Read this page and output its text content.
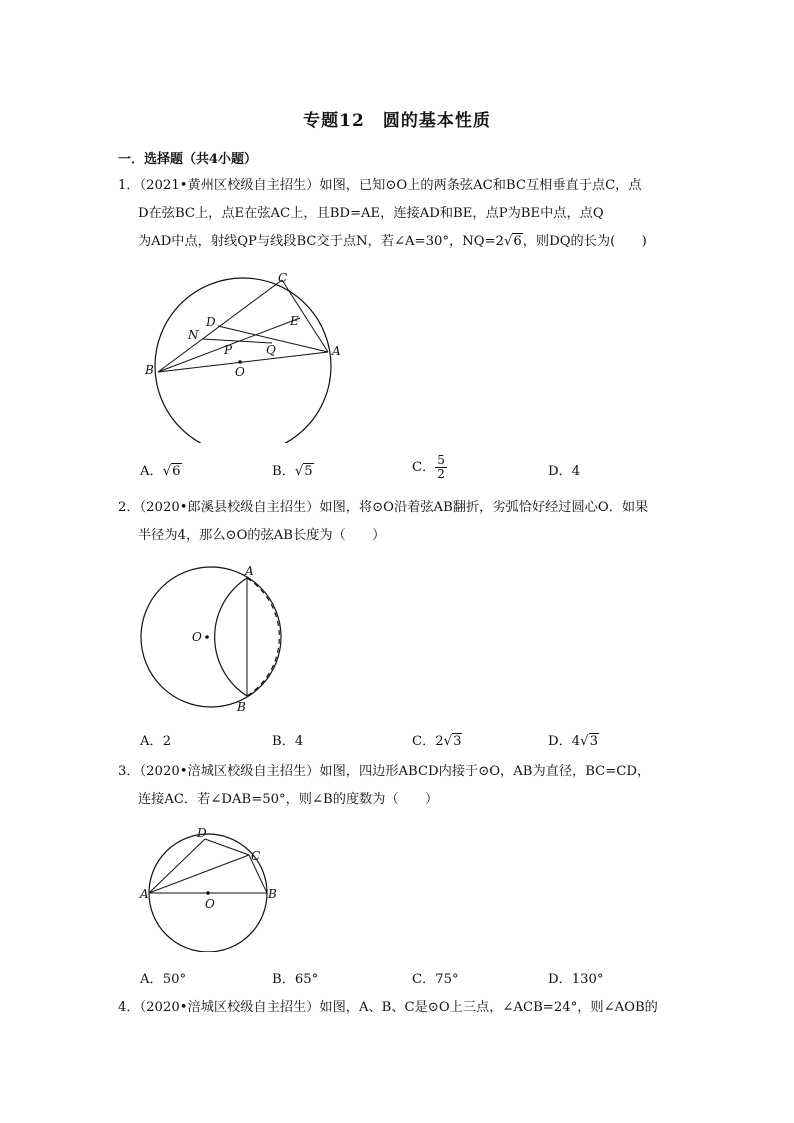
专题12　圆的基本性质
一．选择题（共4小题）
1．（2021•黄州区校级自主招生）如图，已知⊙O上的两条弦AC和BC互相垂直于点C，点

D在弦BC上，点E在弦AC上，且BD=AE，连接AD和BE，点P为BE中点，点Q
为AD中点，射线QP与线段BC交于点N，若∠A=30°，NQ=2√6，则DQ的长为(　　)
C
D	E
N
P	Q	A
B	O
A．√6	B．√5	C． $\frac{5}{2}$	D．4
2．（2020•郎溪县校级自主招生）如图，将⊙O沿着弦AB翻折，劣弧恰好经过圆心O．如果

半径为4，那么⊙O的弦AB长度为（　　）
A
B
O
A．2	B．4	C．2√3	D．4√3
3．（2020•涪城区校级自主招生）如图，四边形ABCD内接于⊙O，AB为直径，BC=CD，

连接AC．若∠DAB=50°，则∠B的度数为（　　）
D
C
A	B
O
A．50°	B．65°	C．75°	D．130°
4．（2020•涪城区校级自主招生）如图，A、B、C是⊙O上三点，∠ACB=24°，则∠AOB的
